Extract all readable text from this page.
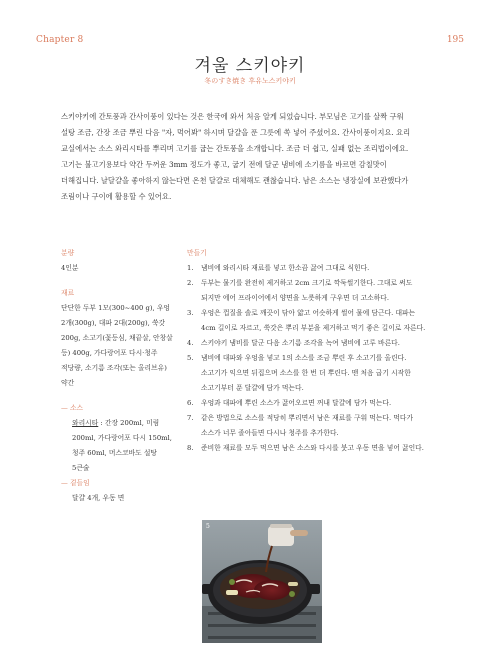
Chapter 8	195
겨울 스키야키
冬のすき焼き 후유노스키야키

스키야키에 간토풍과 간사이풍이 있다는 것은 한국에 와서 처음 알게 되었습니다. 부모님은 고기를 살짝 구워

설탕 조금, 간장 조금 뿌린 다음 "자, 먹어봐" 하시며 달걀을 푼 그릇에 쏙 넣어 주셨어요. 간사이풍이지요. 요리

교실에서는 소스 와리시타를 뿌리며 고기를 굽는 간토풍을 소개합니다. 조금 더 쉽고, 실패 없는 조리법이에요.

고기는 불고기용보다 약간 두꺼운 3mm 정도가 좋고, 굽기 전에 달군 냄비에 소기름을 바르면 감칠맛이

더해집니다. 날달걀을 좋아하지 않는다면 온천 달걀로 대체해도 괜찮습니다. 남은 소스는 냉장실에 보관했다가

조림이나 구이에 활용할 수 있어요.

분량
4인분
재료
단단한 두부 1모(300~400 g), 우엉
2개(300g), 대파 2대(200g), 쑥갓
200g, 소고기(꽃등심, 채끝살, 안창살
등) 400g, 가다랑어포 다시·청주
적당량, 소기름 조각(또는 올리브유)
약간
— 소스
와리시타 : 간장 200ml, 미림
200ml, 가다랑어포 다시 150ml,
청주 60ml, 머스코바도 설탕
5큰술
— 곁들임
달걀 4개, 우동 면
만들기
1. 냄비에 와리시타 재료를 넣고 한소끔 끓여 그대로 식힌다.
2. 두부는 물기를 완전히 제거하고 2cm 크기로 깍둑썰기한다. 그대로 써도
되지만 에어 프라이어에서 양면을 노릇하게 구우면 더 고소하다.
3. 우엉은 껍질을 솔로 깨끗이 닦아 얇고 어슷하게 썰어 물에 담근다. 대파는
4cm 길이로 자르고, 쑥갓은 뿌리 부분을 제거하고 먹기 좋은 길이로 자른다.
4. 스키야키 냄비를 달군 다음 소기름 조각을 녹여 냄비에 고루 바른다.
5. 냄비에 대파와 우엉을 넣고 1의 소스를 조금 뿌린 후 소고기를 올린다.
소고기가 익으면 뒤집으며 소스를 한 번 더 뿌린다. 맨 처음 굽기 시작한
소고기부터 푼 달걀에 담가 먹는다.
6. 우엉과 대파에 뿌린 소스가 끓어오르면 꺼내 달걀에 담가 먹는다.
7. 같은 방법으로 소스를 적당히 뿌리면서 남은 재료를 구워 먹는다. 먹다가
소스가 너무 졸아들면 다시나 청주를 추가한다.
8. 준비한 재료를 모두 먹으면 남은 소스와 다시를 붓고 우동 면을 넣어 끓인다.
5
